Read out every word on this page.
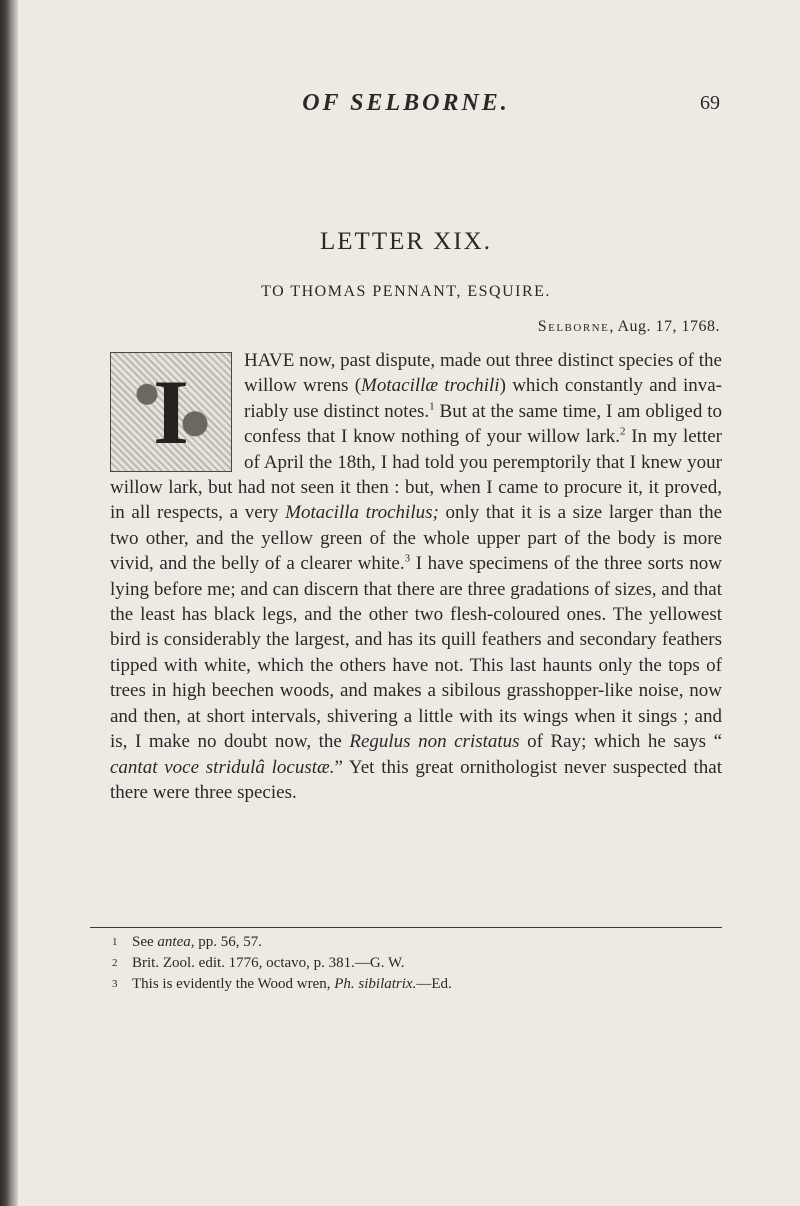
OF SELBORNE.	69
LETTER XIX.
TO THOMAS PENNANT, ESQUIRE.
Selborne, Aug. 17, 1768.
I

HAVE now, past dispute, made out three distinct species of the willow wrens (Motacillæ trochili) which constantly and invariably use distinct notes.$^1$ But at the same time, I am obliged to confess that I know nothing of your willow lark.$^2$ In my letter of April the 18th, I had told you peremptorily that I knew your willow lark, but had not seen it then : but, when I came to procure it, it proved, in all respects, a very Motacilla trochilus; only that it is a size larger than the two other, and the yellow green of the whole upper part of the body is more vivid, and the belly of a clearer white.$^3$ I have specimens of the three sorts now lying before me; and can discern that there are three gradations of sizes, and that the least has black legs, and the other two flesh-coloured ones. The yellowest bird is considerably the largest, and has its quill feathers and secondary feathers tipped with white, which the others have not. This last haunts only the tops of trees in high beechen woods, and makes a sibilous grasshopper-like noise, now and then, at short intervals, shivering a little with its wings when it sings ; and is, I make no doubt now, the Regulus non cristatus of Ray; which he says “ cantat voce stridulâ locustæ.” Yet this great ornithologist never suspected that there were three species.

1 See antea, pp. 56, 57.

2 Brit. Zool. edit. 1776, octavo, p. 381.—G. W.

3 This is evidently the Wood wren, Ph. sibilatrix.—Ed.
